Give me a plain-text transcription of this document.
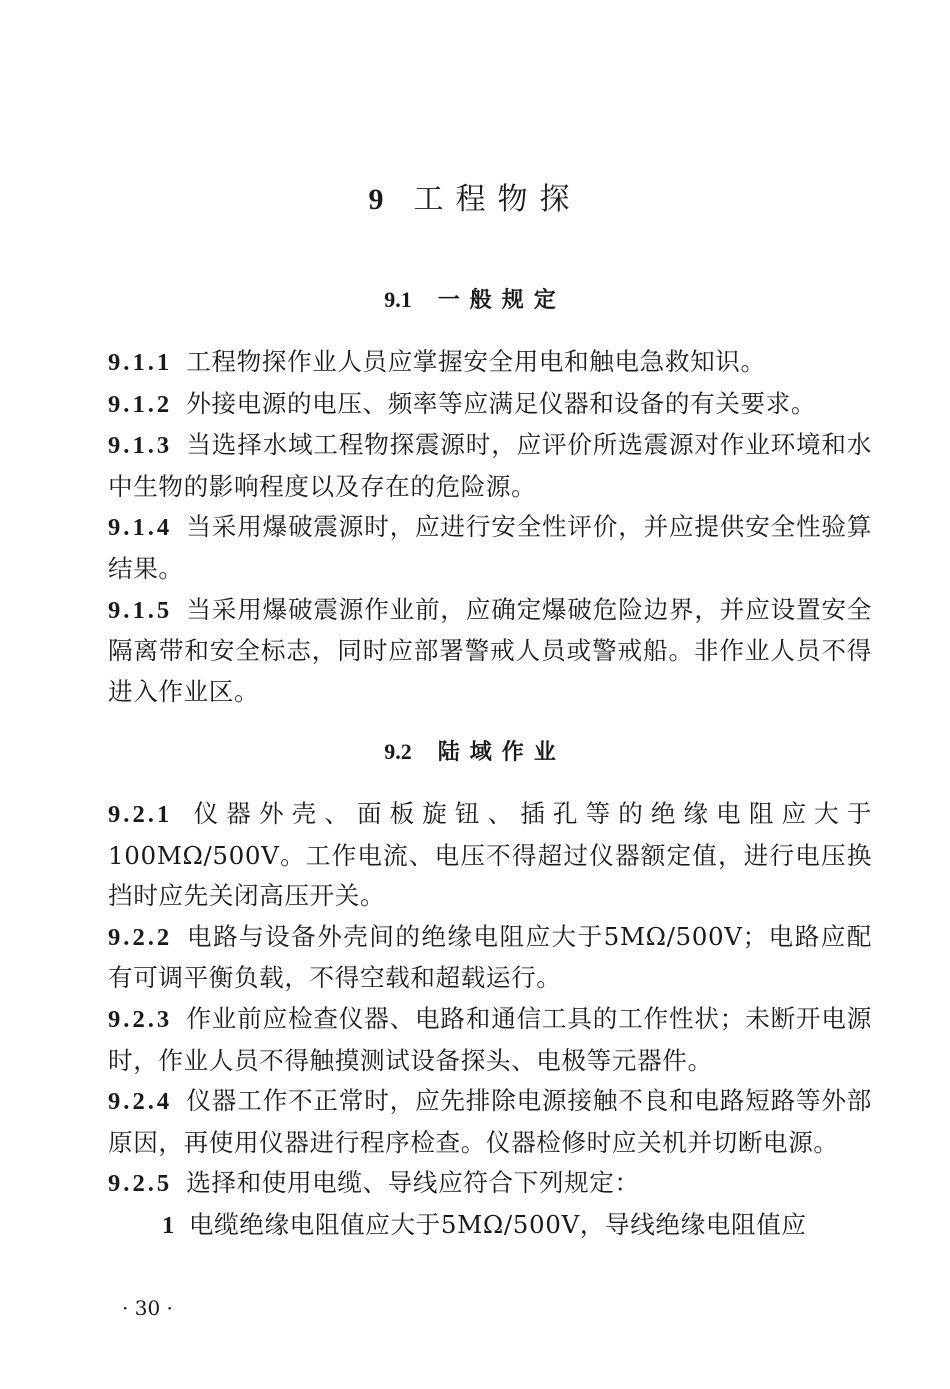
9 工程物探
9.1 一般规定

9.1.1 工程物探作业人员应掌握安全用电和触电急救知识。

9.1.2 外接电源的电压、频率等应满足仪器和设备的有关要求。

9.1.3 当选择水域工程物探震源时，应评价所选震源对作业环境和水中生物的影响程度以及存在的危险源。

9.1.4 当采用爆破震源时，应进行安全性评价，并应提供安全性验算结果。

9.1.5 当采用爆破震源作业前，应确定爆破危险边界，并应设置安全隔离带和安全标志，同时应部署警戒人员或警戒船。非作业人员不得进入作业区。

9.2 陆域作业

9.2.1 仪器外壳、面板旋钮、插孔等的绝缘电阻应大于100MΩ/500V。工作电流、电压不得超过仪器额定值，进行电压换挡时应先关闭高压开关。

9.2.2 电路与设备外壳间的绝缘电阻应大于5MΩ/500V；电路应配有可调平衡负载，不得空载和超载运行。

9.2.3 作业前应检查仪器、电路和通信工具的工作性状；未断开电源时，作业人员不得触摸测试设备探头、电极等元器件。

9.2.4 仪器工作不正常时，应先排除电源接触不良和电路短路等外部原因，再使用仪器进行程序检查。仪器检修时应关机并切断电源。

9.2.5 选择和使用电缆、导线应符合下列规定：

1 电缆绝缘电阻值应大于5MΩ/500V，导线绝缘电阻值应

· 30 ·
